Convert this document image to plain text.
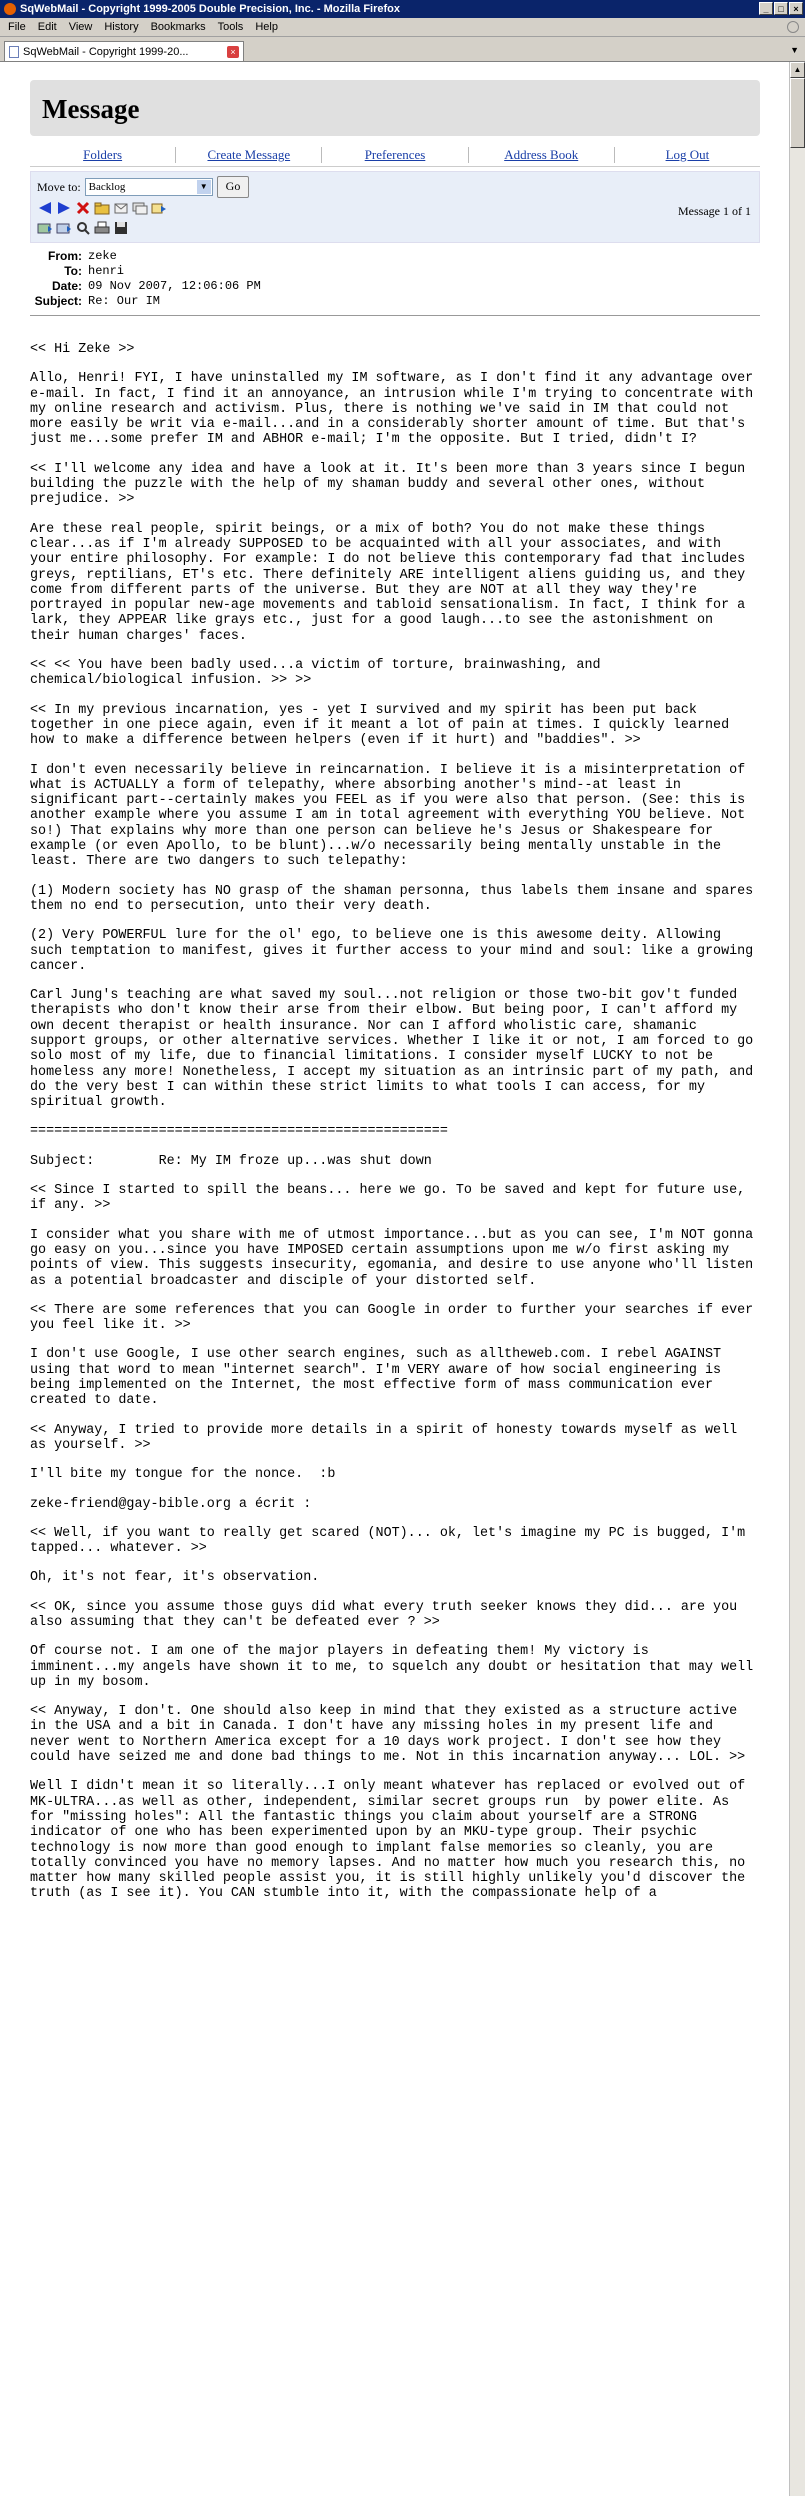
SqWebMail - Copyright 1999-2005 Double Precision, Inc. - Mozilla Firefox	_	□	×
File	Edit	View	History	Bookmarks	Tools	Help
SqWebMail - Copyright 1999-20...	×	▼
Message
Folders	Create Message	Preferences	Address Book	Log Out
Move to: Backlog	▼	Go
Message 1 of 1
From: zeke
To: henri
Date: 09 Nov 2007, 12:06:06 PM
Subject: Re: Our IM

<< Hi Zeke >>

Allo, Henri! FYI, I have uninstalled my IM software, as I don't find it any advantage over e-mail. In fact, I find it an annoyance, an intrusion while I'm trying to concentrate with my online research and activism. Plus, there is nothing we've said in IM that could not more easily be writ via e-mail...and in a considerably shorter amount of time. But that's just me...some prefer IM and ABHOR e-mail; I'm the opposite. But I tried, didn't I?

<< I'll welcome any idea and have a look at it. It's been more than 3 years since I begun building the puzzle with the help of my shaman buddy and several other ones, without prejudice. >>

Are these real people, spirit beings, or a mix of both? You do not make these things clear...as if I'm already SUPPOSED to be acquainted with all your associates, and with your entire philosophy. For example: I do not believe this contemporary fad that includes greys, reptilians, ET's etc. There definitely ARE intelligent aliens guiding us, and they come from different parts of the universe. But they are NOT at all they way they're portrayed in popular new-age movements and tabloid sensationalism. In fact, I think for a lark, they APPEAR like grays etc., just for a good laugh...to see the astonishment on their human charges' faces.

<< << You have been badly used...a victim of torture, brainwashing, and chemical/biological infusion. >> >>

<< In my previous incarnation, yes - yet I survived and my spirit has been put back together in one piece again, even if it meant a lot of pain at times. I quickly learned how to make a difference between helpers (even if it hurt) and "baddies". >>

I don't even necessarily believe in reincarnation. I believe it is a misinterpretation of what is ACTUALLY a form of telepathy, where absorbing another's mind--at least in significant part--certainly makes you FEEL as if you were also that person. (See: this is another example where you assume I am in total agreement with everything YOU believe. Not so!) That explains why more than one person can believe he's Jesus or Shakespeare for example (or even Apollo, to be blunt)...w/o necessarily being mentally unstable in the least. There are two dangers to such telepathy:

(1) Modern society has NO grasp of the shaman personna, thus labels them insane and spares them no end to persecution, unto their very death.

(2) Very POWERFUL lure for the ol' ego, to believe one is this awesome deity. Allowing such temptation to manifest, gives it further access to your mind and soul: like a growing cancer.

Carl Jung's teaching are what saved my soul...not religion or those two-bit gov't funded therapists who don't know their arse from their elbow. But being poor, I can't afford my own decent therapist or health insurance. Nor can I afford wholistic care, shamanic support groups, or other alternative services. Whether I like it or not, I am forced to go solo most of my life, due to financial limitations. I consider myself LUCKY to not be homeless any more! Nonetheless, I accept my situation as an intrinsic part of my path, and do the very best I can within these strict limits to what tools I can access, for my spiritual growth.

====================================================

Subject:        Re: My IM froze up...was shut down

<< Since I started to spill the beans... here we go. To be saved and kept for future use, if any. >>

I consider what you share with me of utmost importance...but as you can see, I'm NOT gonna go easy on you...since you have IMPOSED certain assumptions upon me w/o first asking my points of view. This suggests insecurity, egomania, and desire to use anyone who'll listen as a potential broadcaster and disciple of your distorted self.

<< There are some references that you can Google in order to further your searches if ever you feel like it. >>

I don't use Google, I use other search engines, such as alltheweb.com. I rebel AGAINST using that word to mean "internet search". I'm VERY aware of how social engineering is being implemented on the Internet, the most effective form of mass communication ever created to date.

<< Anyway, I tried to provide more details in a spirit of honesty towards myself as well as yourself. >>

I'll bite my tongue for the nonce.  :b

zeke-friend@gay-bible.org a écrit :

<< Well, if you want to really get scared (NOT)... ok, let's imagine my PC is bugged, I'm tapped... whatever. >>

Oh, it's not fear, it's observation.

<< OK, since you assume those guys did what every truth seeker knows they did... are you also assuming that they can't be defeated ever ? >>

Of course not. I am one of the major players in defeating them! My victory is imminent...my angels have shown it to me, to squelch any doubt or hesitation that may well up in my bosom.

<< Anyway, I don't. One should also keep in mind that they existed as a structure active in the USA and a bit in Canada. I don't have any missing holes in my present life and never went to Northern America except for a 10 days work project. I don't see how they could have seized me and done bad things to me. Not in this incarnation anyway... LOL. >>

Well I didn't mean it so literally...I only meant whatever has replaced or evolved out of MK-ULTRA...as well as other, independent, similar secret groups run  by power elite. As for "missing holes": All the fantastic things you claim about yourself are a STRONG indicator of one who has been experimented upon by an MKU-type group. Their psychic technology is now more than good enough to implant false memories so cleanly, you are totally convinced you have no memory lapses. And no matter how much you research this, no matter how many skilled people assist you, it is still highly unlikely you'd discover the truth (as I see it). You CAN stumble into it, with the compassionate help of a

▲
